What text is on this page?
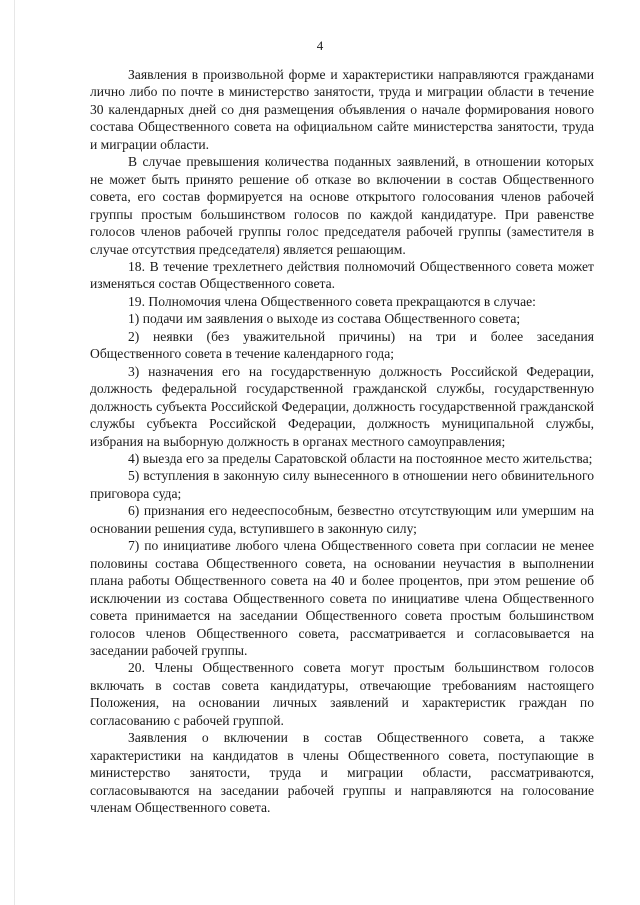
4

Заявления в произвольной форме и характеристики направляются гражданами лично либо по почте в министерство занятости, труда и миграции области в течение 30 календарных дней со дня размещения объявления о начале формирования нового состава Общественного совета на официальном сайте министерства занятости, труда и миграции области.

В случае превышения количества поданных заявлений, в отношении которых не может быть принято решение об отказе во включении в состав Общественного совета, его состав формируется на основе открытого голосования членов рабочей группы простым большинством голосов по каждой кандидатуре. При равенстве голосов членов рабочей группы голос председателя рабочей группы (заместителя в случае отсутствия председателя) является решающим.

18. В течение трехлетнего действия полномочий Общественного совета может изменяться состав Общественного совета.

19. Полномочия члена Общественного совета прекращаются в случае:

1) подачи им заявления о выходе из состава Общественного совета;

2) неявки (без уважительной причины) на три и более заседания Общественного совета в течение календарного года;

3) назначения его на государственную должность Российской Федерации, должность федеральной государственной гражданской службы, государственную должность субъекта Российской Федерации, должность государственной гражданской службы субъекта Российской Федерации, должность муниципальной службы, избрания на выборную должность в органах местного самоуправления;

4) выезда его за пределы Саратовской области на постоянное место жительства;

5) вступления в законную силу вынесенного в отношении него обвинительного приговора суда;

6) признания его недееспособным, безвестно отсутствующим или умершим на основании решения суда, вступившего в законную силу;

7) по инициативе любого члена Общественного совета при согласии не менее половины состава Общественного совета, на основании неучастия в выполнении плана работы Общественного совета на 40 и более процентов, при этом решение об исключении из состава Общественного совета по инициативе члена Общественного совета принимается на заседании Общественного совета простым большинством голосов членов Общественного совета, рассматривается и согласовывается на заседании рабочей группы.

20. Члены Общественного совета могут простым большинством голосов включать в состав совета кандидатуры, отвечающие требованиям настоящего Положения, на основании личных заявлений и характеристик граждан по согласованию с рабочей группой.

Заявления о включении в состав Общественного совета, а также характеристики на кандидатов в члены Общественного совета, поступающие в министерство занятости, труда и миграции области, рассматриваются, согласовываются на заседании рабочей группы и направляются на голосование членам Общественного совета.
